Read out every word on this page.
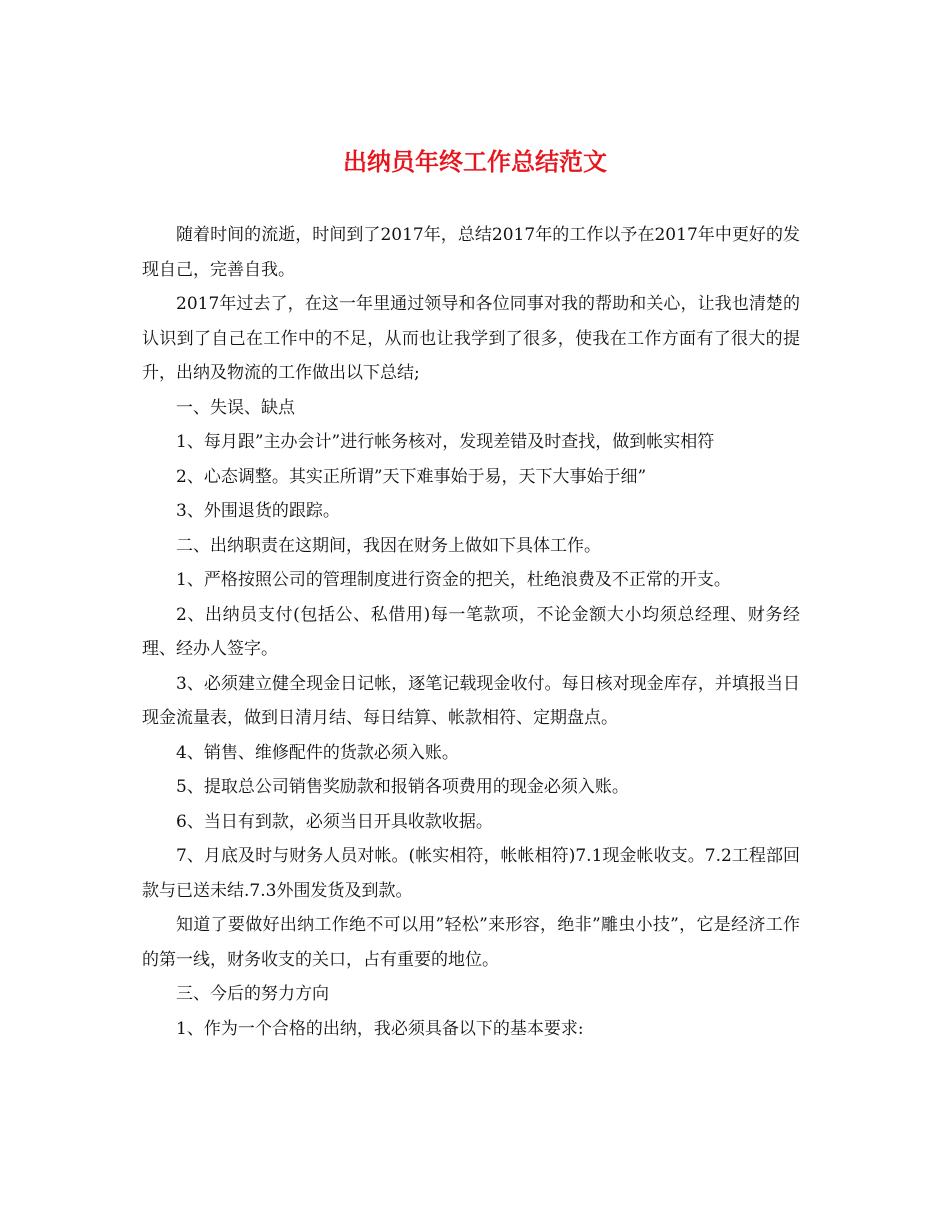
出纳员年终工作总结范文

随着时间的流逝，时间到了2017年，总结2017年的工作以予在2017年中更好的发现自己，完善自我。

2017年过去了，在这一年里通过领导和各位同事对我的帮助和关心，让我也清楚的认识到了自己在工作中的不足，从而也让我学到了很多，使我在工作方面有了很大的提升，出纳及物流的工作做出以下总结;

一、失误、缺点

1、每月跟”主办会计”进行帐务核对，发现差错及时查找，做到帐实相符

2、心态调整。其实正所谓”天下难事始于易，天下大事始于细”

3、外围退货的跟踪。

二、出纳职责在这期间，我因在财务上做如下具体工作。

1、严格按照公司的管理制度进行资金的把关，杜绝浪费及不正常的开支。

2、出纳员支付(包括公、私借用)每一笔款项，不论金额大小均须总经理、财务经理、经办人签字。

3、必须建立健全现金日记帐，逐笔记载现金收付。每日核对现金库存，并填报当日现金流量表，做到日清月结、每日结算、帐款相符、定期盘点。

4、销售、维修配件的货款必须入账。

5、提取总公司销售奖励款和报销各项费用的现金必须入账。

6、当日有到款，必须当日开具收款收据。

7、月底及时与财务人员对帐。(帐实相符，帐帐相符)7.1现金帐收支。7.2工程部回款与已送未结.7.3外围发货及到款。

知道了要做好出纳工作绝不可以用”轻松”来形容，绝非”雕虫小技”，它是经济工作的第一线，财务收支的关口，占有重要的地位。

三、今后的努力方向

1、作为一个合格的出纳，我必须具备以下的基本要求:
